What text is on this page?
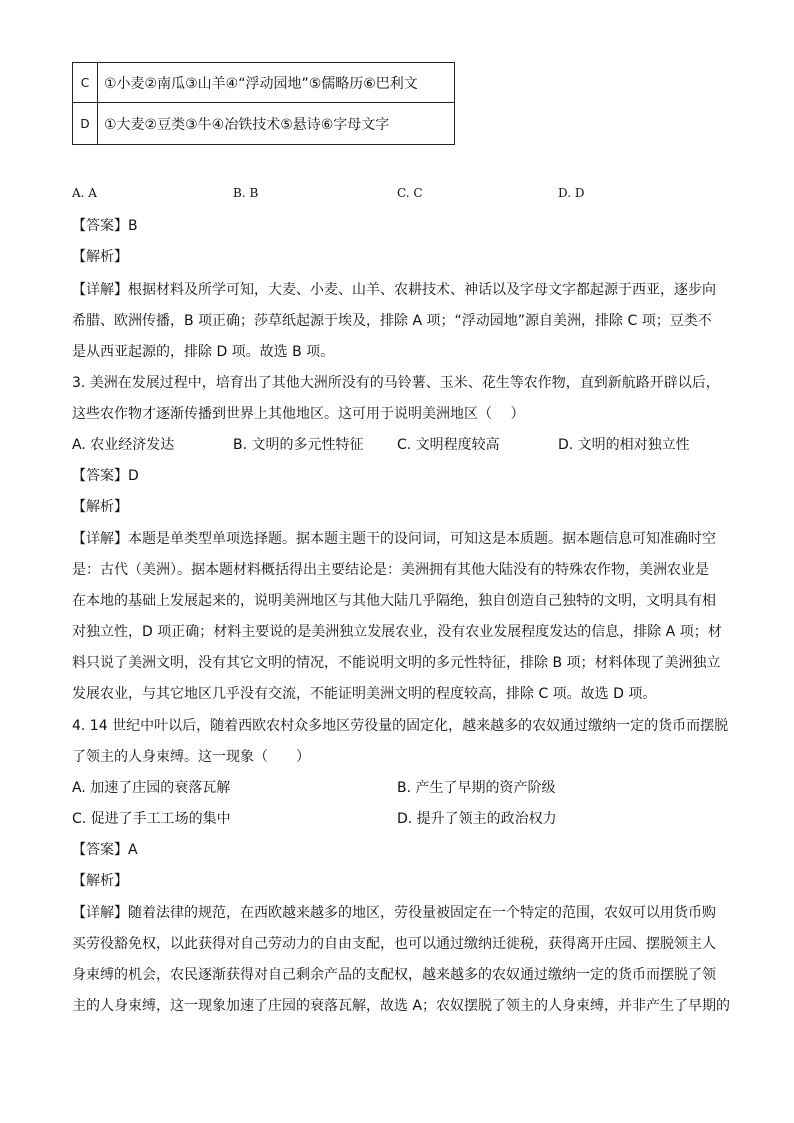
C	①小麦②南瓜③山羊④“浮动园地”⑤儒略历⑥巴利文
D	①大麦②豆类③牛④冶铁技术⑤悬诗⑥字母文字
A. A	B. B	C. C	D. D
【答案】B
【解析】
【详解】根据材料及所学可知，大麦、小麦、山羊、农耕技术、神话以及字母文字都起源于西亚，逐步向
希腊、欧洲传播，B 项正确；莎草纸起源于埃及，排除 A 项；“浮动园地”源自美洲，排除 C 项；豆类不
是从西亚起源的，排除 D 项。故选 B 项。
3. 美洲在发展过程中，培育出了其他大洲所没有的马铃薯、玉米、花生等农作物，直到新航路开辟以后，
这些农作物才逐渐传播到世界上其他地区。这可用于说明美洲地区（　 ）
A. 农业经济发达	B. 文明的多元性特征 C. 文明程度较高	D. 文明的相对独立性
【答案】D
【解析】
【详解】本题是单类型单项选择题。据本题主题干的设问词，可知这是本质题。据本题信息可知准确时空
是：古代（美洲）。据本题材料概括得出主要结论是：美洲拥有其他大陆没有的特殊农作物，美洲农业是
在本地的基础上发展起来的，说明美洲地区与其他大陆几乎隔绝，独自创造自己独特的文明，文明具有相
对独立性，D 项正确；材料主要说的是美洲独立发展农业，没有农业发展程度发达的信息，排除 A 项；材
料只说了美洲文明，没有其它文明的情况，不能说明文明的多元性特征，排除 B 项；材料体现了美洲独立
发展农业，与其它地区几乎没有交流，不能证明美洲文明的程度较高，排除 C 项。故选 D 项。
4. 14 世纪中叶以后，随着西欧农村众多地区劳役量的固定化，越来越多的农奴通过缴纳一定的货币而摆脱
了领主的人身束缚。这一现象（　　）
A. 加速了庄园的衰落瓦解	B. 产生了早期的资产阶级
C. 促进了手工工场的集中	D. 提升了领主的政治权力
【答案】A
【解析】
【详解】随着法律的规范，在西欧越来越多的地区，劳役量被固定在一个特定的范围，农奴可以用货币购
买劳役豁免权，以此获得对自己劳动力的自由支配，也可以通过缴纳迁徙税，获得离开庄园、摆脱领主人
身束缚的机会，农民逐渐获得对自己剩余产品的支配权，越来越多的农奴通过缴纳一定的货币而摆脱了领
主的人身束缚，这一现象加速了庄园的衰落瓦解，故选 A；农奴摆脱了领主的人身束缚，并非产生了早期的
